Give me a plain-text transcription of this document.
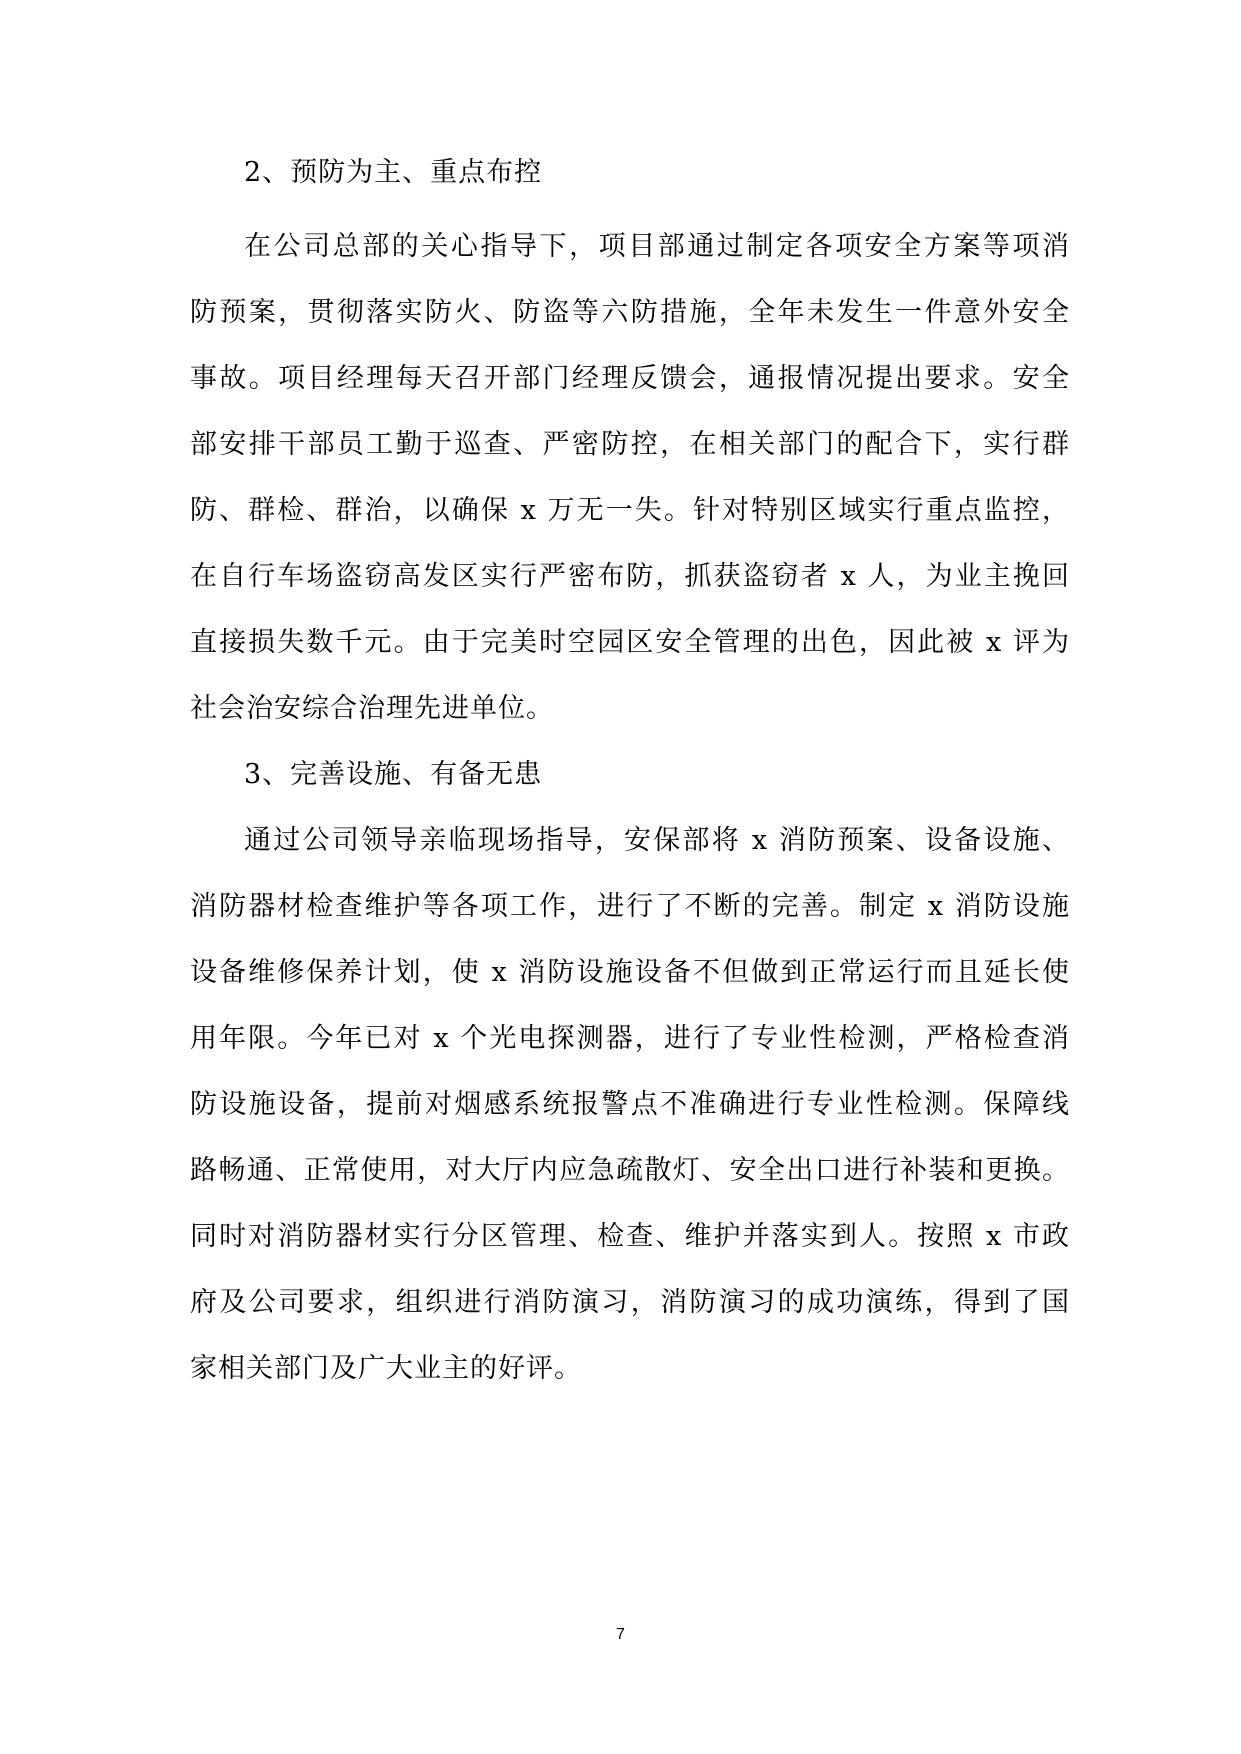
2、预防为主、重点布控

在公司总部的关心指导下，项目部通过制定各项安全方案等项消

防预案，贯彻落实防火、防盗等六防措施，全年未发生一件意外安全

事故。项目经理每天召开部门经理反馈会，通报情况提出要求。安全

部安排干部员工勤于巡查、严密防控，在相关部门的配合下，实行群

防、群检、群治，以确保 x 万无一失。针对特别区域实行重点监控，

在自行车场盗窃高发区实行严密布防，抓获盗窃者 x 人，为业主挽回

直接损失数千元。由于完美时空园区安全管理的出色，因此被 x 评为

社会治安综合治理先进单位。

3、完善设施、有备无患

通过公司领导亲临现场指导，安保部将 x 消防预案、设备设施、

消防器材检查维护等各项工作，进行了不断的完善。制定 x 消防设施

设备维修保养计划，使 x 消防设施设备不但做到正常运行而且延长使

用年限。今年已对 x 个光电探测器，进行了专业性检测，严格检查消

防设施设备，提前对烟感系统报警点不准确进行专业性检测。保障线

路畅通、正常使用，对大厅内应急疏散灯、安全出口进行补装和更换。

同时对消防器材实行分区管理、检查、维护并落实到人。按照 x 市政

府及公司要求，组织进行消防演习，消防演习的成功演练，得到了国

家相关部门及广大业主的好评。

7
